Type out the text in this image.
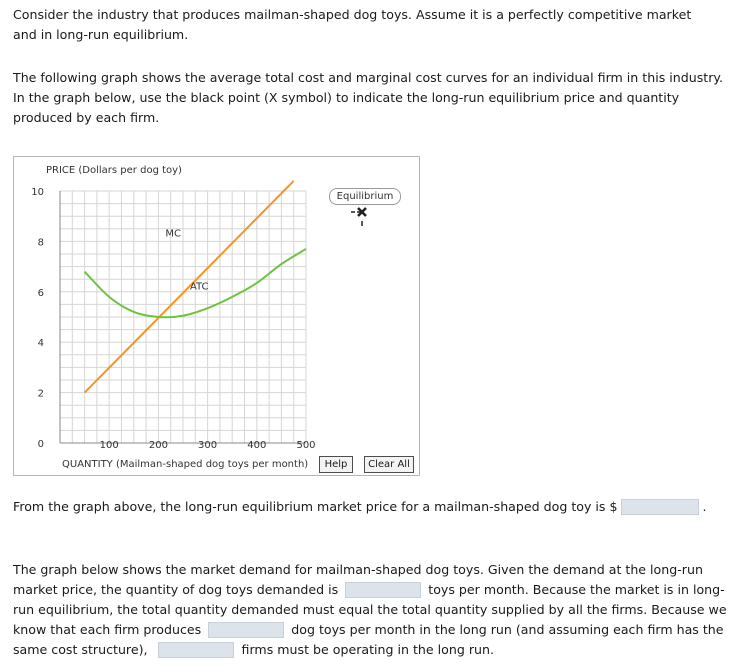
Consider the industry that produces mailman-shaped dog toys. Assume it is a perfectly competitive market and in long-run equilibrium.

The following graph shows the average total cost and marginal cost curves for an individual firm in this industry. In the graph below, use the black point (X symbol) to indicate the long-run equilibrium price and quantity produced by each firm.

0
2
4
6
8
10
100	200	300	400	500
PRICE (Dollars per dog toy)
QUANTITY (Mailman-shaped dog toys per month)
MC
ATC
Equilibrium
Help	Clear All

From the graph above, the long-run equilibrium market price for a mailman-shaped dog toy is $	.

The graph below shows the market demand for mailman-shaped dog toys. Given the demand at the long-run market price, the quantity of dog toys demanded is	toys per month. Because the market is in long-run equilibrium, the total quantity demanded must equal the total quantity supplied by all the firms. Because we know that each firm produces	dog toys per month in the long run (and assuming each firm has the same cost structure),	firms must be operating in the long run.
